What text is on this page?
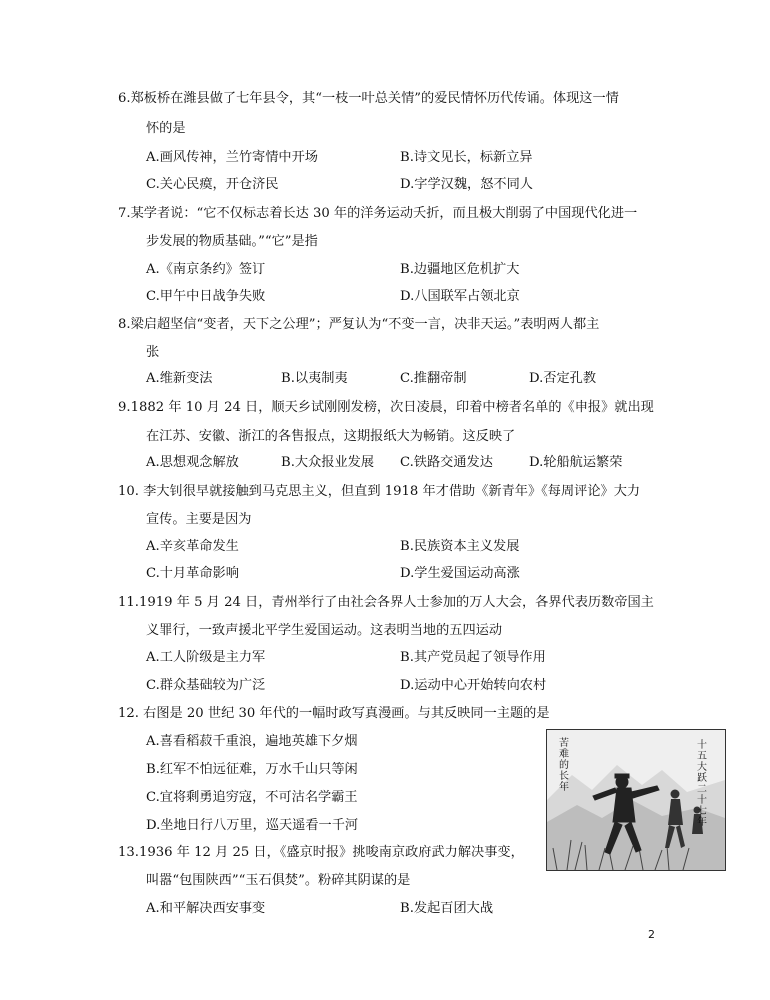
6.郑板桥在潍县做了七年县令，其“一枝一叶总关情”的爱民情怀历代传诵。体现这一情
怀的是
A.画风传神，兰竹寄情中开场	B.诗文见长，标新立异
C.关心民瘼，开仓济民	D.字学汉魏，怒不同人
7.某学者说：“它不仅标志着长达 30 年的洋务运动夭折，而且极大削弱了中国现代化进一
步发展的物质基础。”“它”是指
A.《南京条约》签订	B.边疆地区危机扩大
C.甲午中日战争失败	D.八国联军占领北京
8.梁启超坚信“变者，天下之公理”；严复认为“不变一言，决非天运。”表明两人都主
张
A.维新变法	B.以夷制夷	C.推翻帝制	D.否定孔教
9.1882 年 10 月 24 日，顺天乡试刚刚发榜，次日凌晨，印着中榜者名单的《申报》就出现
在江苏、安徽、浙江的各售报点，这期报纸大为畅销。这反映了
A.思想观念解放	B.大众报业发展 C.铁路交通发达	D.轮船航运繁荣
10. 李大钊很早就接触到马克思主义，但直到 1918 年才借助《新青年》《每周评论》大力
宣传。主要是因为
A.辛亥革命发生	B.民族资本主义发展
C.十月革命影响	D.学生爱国运动高涨
11.1919 年 5 月 24 日，青州举行了由社会各界人士参加的万人大会，各界代表历数帝国主
义罪行，一致声援北平学生爱国运动。这表明当地的五四运动
A.工人阶级是主力军	B.其产党员起了领导作用
C.群众基础较为广泛	D.运动中心开始转向农村
12. 右图是 20 世纪 30 年代的一幅时政写真漫画。与其反映同一主题的是
A.喜看稻菽千重浪，遍地英雄下夕烟
B.红军不怕远征难，万水千山只等闲
C.宜将剩勇追穷寇，不可沽名学霸王
D.坐地日行八万里，巡天遥看一千河
苦难的长年
十五大跃二十七年
13.1936 年 12 月 25 日，《盛京时报》挑唆南京政府武力解决事变，
叫嚣“包围陕西”“玉石俱焚”。粉碎其阴谋的是
A.和平解决西安事变	B.发起百团大战
2
